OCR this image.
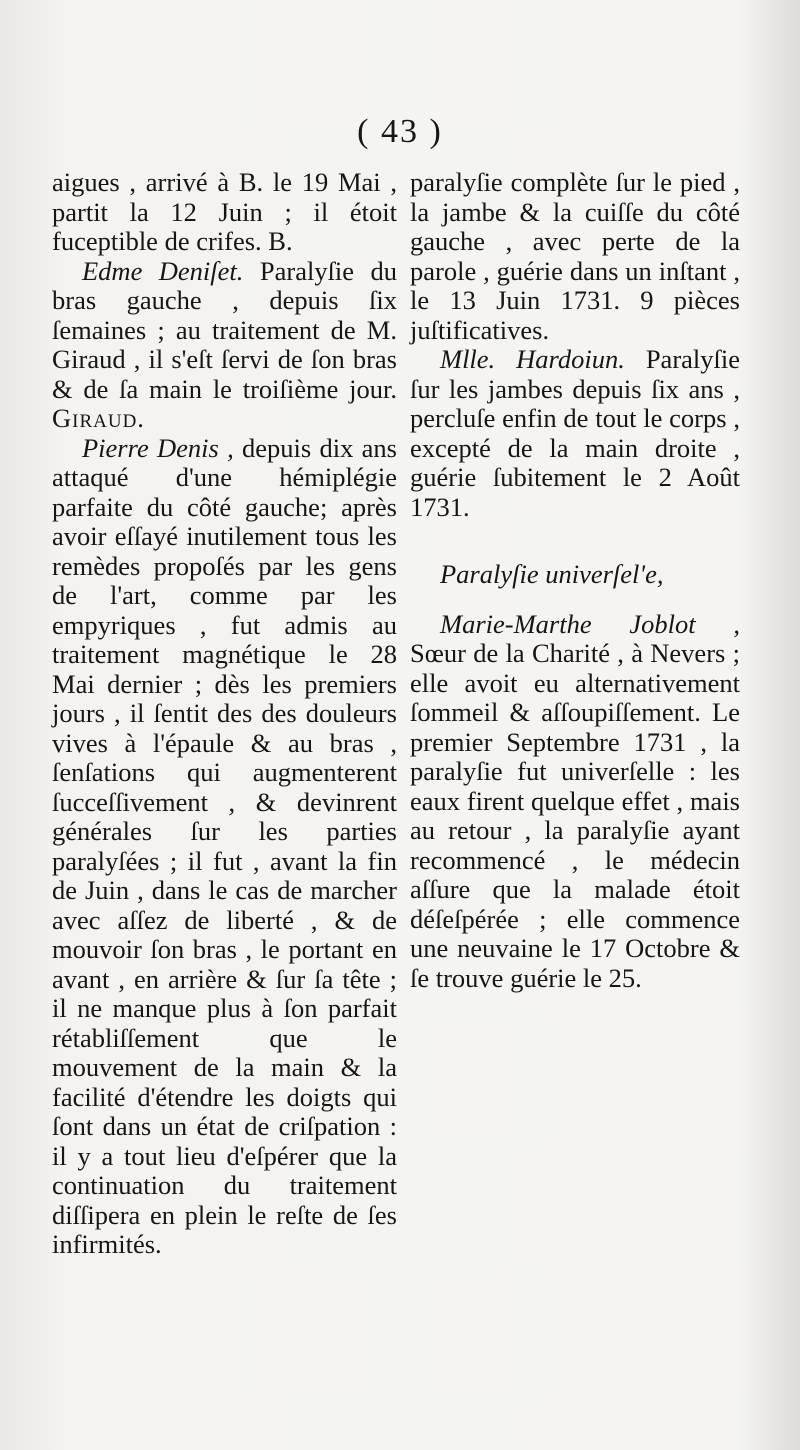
( 43 )

aigues , arrivé à B. le 19 Mai , partit la 12 Juin ; il étoit fuceptible de crifes. B.

Edme Deniſet. Paralyſie du bras gauche , depuis ſix ſemaines ; au traitement de M. Giraud , il s'eſt ſervi de ſon bras & de ſa main le troiſième jour. Giraud.

Pierre Denis , depuis dix ans attaqué d'une hémiplégie parfaite du côté gauche; après avoir eſſayé inutilement tous les remèdes propoſés par les gens de l'art, comme par les empyriques , fut admis au traitement magnétique le 28 Mai dernier ; dès les premiers jours , il ſentit des des douleurs vives à l'épaule & au bras , ſenſations qui augmenterent ſucceſſivement , & devinrent générales ſur les parties paralyſées ; il fut , avant la fin de Juin , dans le cas de marcher avec aſſez de liberté , & de mouvoir ſon bras , le portant en avant , en arrière & ſur ſa tête ; il ne manque plus à ſon parfait rétabliſſement que le mouvement de la main & la facilité d'étendre les doigts qui ſont dans un état de criſpation : il y a tout lieu d'eſpérer que la continuation du traitement diſſipera en plein le reſte de ſes infirmités.

paralyſie complète ſur le pied , la jambe & la cuiſſe du côté gauche , avec perte de la parole , guérie dans un inſtant , le 13 Juin 1731. 9 pièces juſtificatives.

Mlle. Hardoiun. Paralyſie ſur les jambes depuis ſix ans , percluſe enfin de tout le corps , excepté de la main droite , guérie ſubitement le 2 Août 1731.

Paralyſie univerſel'e,

Marie-Marthe Joblot , Sœur de la Charité , à Nevers ; elle avoit eu alternativement ſommeil & aſſoupiſſement. Le premier Septembre 1731 , la paralyſie fut univerſelle : les eaux firent quelque effet , mais au retour , la paralyſie ayant recommencé , le médecin aſſure que la malade étoit déſeſpérée ; elle commence une neuvaine le 17 Octobre & ſe trouve guérie le 25.
